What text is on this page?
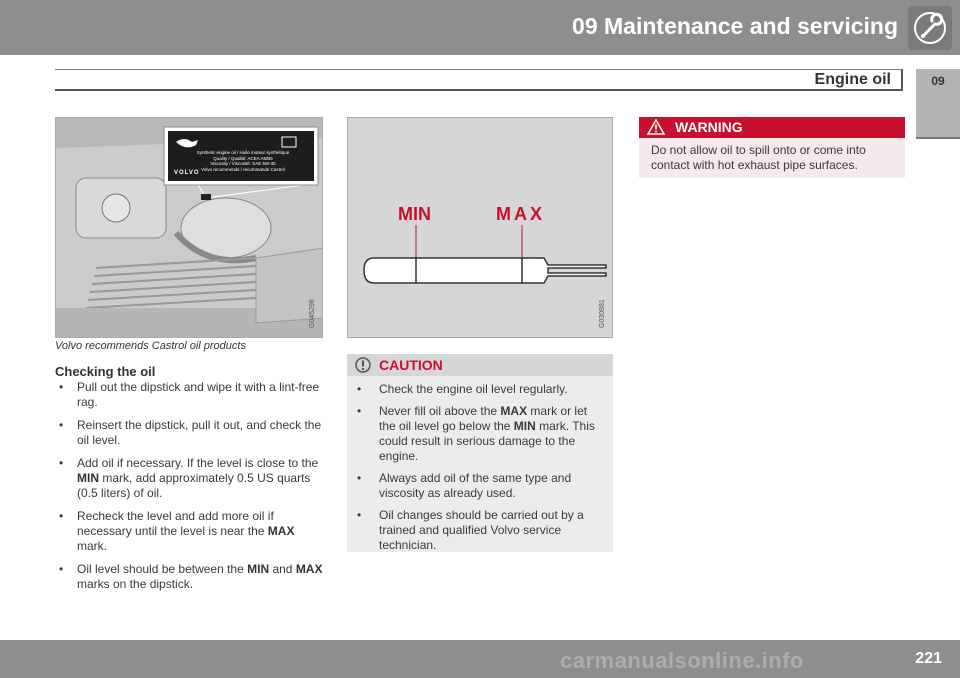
09 Maintenance and servicing
Engine oil	09
Synthetic engine oil / Huile moteur synthétique
Quality / Qualité: ACEA A5/B5
Viscosity / Viscosité: SAE 5W-30
Volvo recommends / recommande Castrol
VOLVO
G045298
MIN	MAX
G030881
Volvo recommends Castrol oil products
Checking the oil
• Pull out the dipstick and wipe it with a lint-free rag.
• Reinsert the dipstick, pull it out, and check the oil level.
• Add oil if necessary. If the level is close to the MIN mark, add approximately 0.5 US quarts (0.5 liters) of oil.
• Recheck the level and add more oil if necessary until the level is near the MAX mark.
• Oil level should be between the MIN and MAX marks on the dipstick.
CAUTION
• Check the engine oil level regularly.
• Never fill oil above the MAX mark or let the oil level go below the MIN mark. This could result in serious damage to the engine.
• Always add oil of the same type and viscosity as already used.
• Oil changes should be carried out by a trained and qualified Volvo service technician.
WARNING
Do not allow oil to spill onto or come into contact with hot exhaust pipe surfaces.
221
carmanualsonline.info
